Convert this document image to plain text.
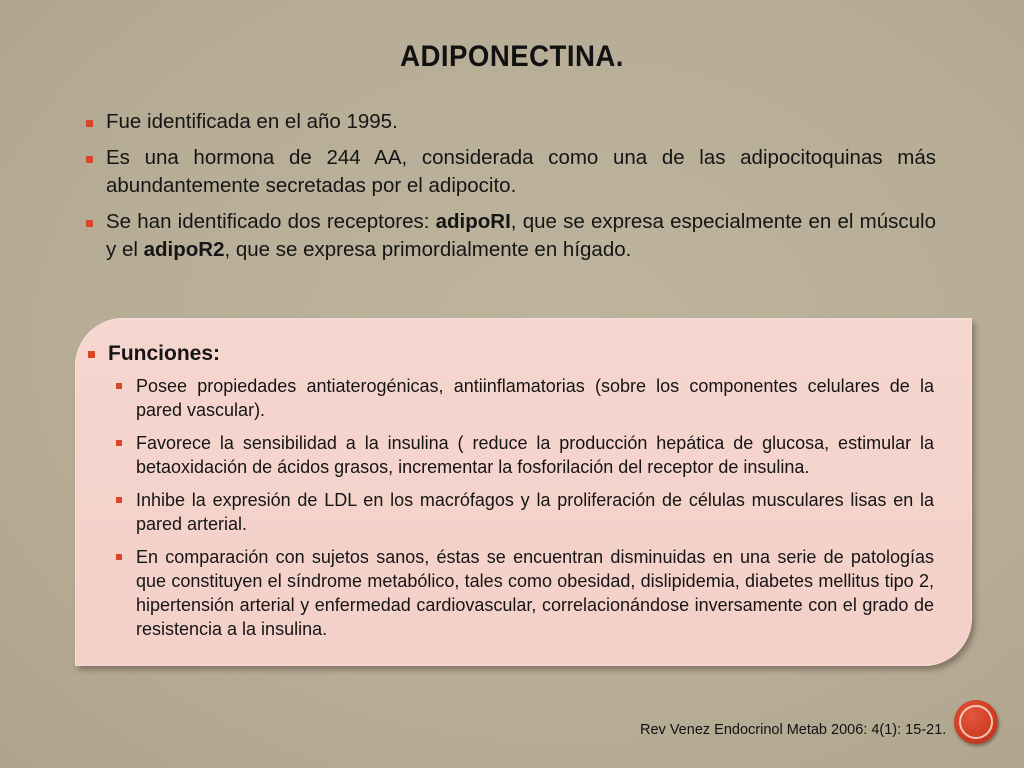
ADIPONECTINA.
Fue identificada en el año 1995.
Es una hormona de 244 AA, considerada como una de las adipocitoquinas más abundantemente secretadas por el adipocito.
Se han identificado dos receptores: adipoRI, que se expresa especialmente en el músculo y el adipoR2, que se expresa primordialmente en hígado.
Funciones:
Posee propiedades antiaterogénicas, antiinflamatorias (sobre los componentes celulares de la pared vascular).
Favorece la sensibilidad a la insulina ( reduce la producción hepática de glucosa, estimular la betaoxidación de ácidos grasos, incrementar la fosforilación del receptor de insulina.
Inhibe la expresión de LDL en los macrófagos y la proliferación de células musculares lisas en la pared arterial.
En comparación con sujetos sanos, éstas se encuentran disminuidas en una serie de patologías que constituyen el síndrome metabólico, tales como obesidad, dislipidemia, diabetes mellitus tipo 2, hipertensión arterial y enfermedad cardiovascular, correlacionándose inversamente con el grado de resistencia a la insulina.
Rev Venez Endocrinol Metab 2006: 4(1): 15-21.
